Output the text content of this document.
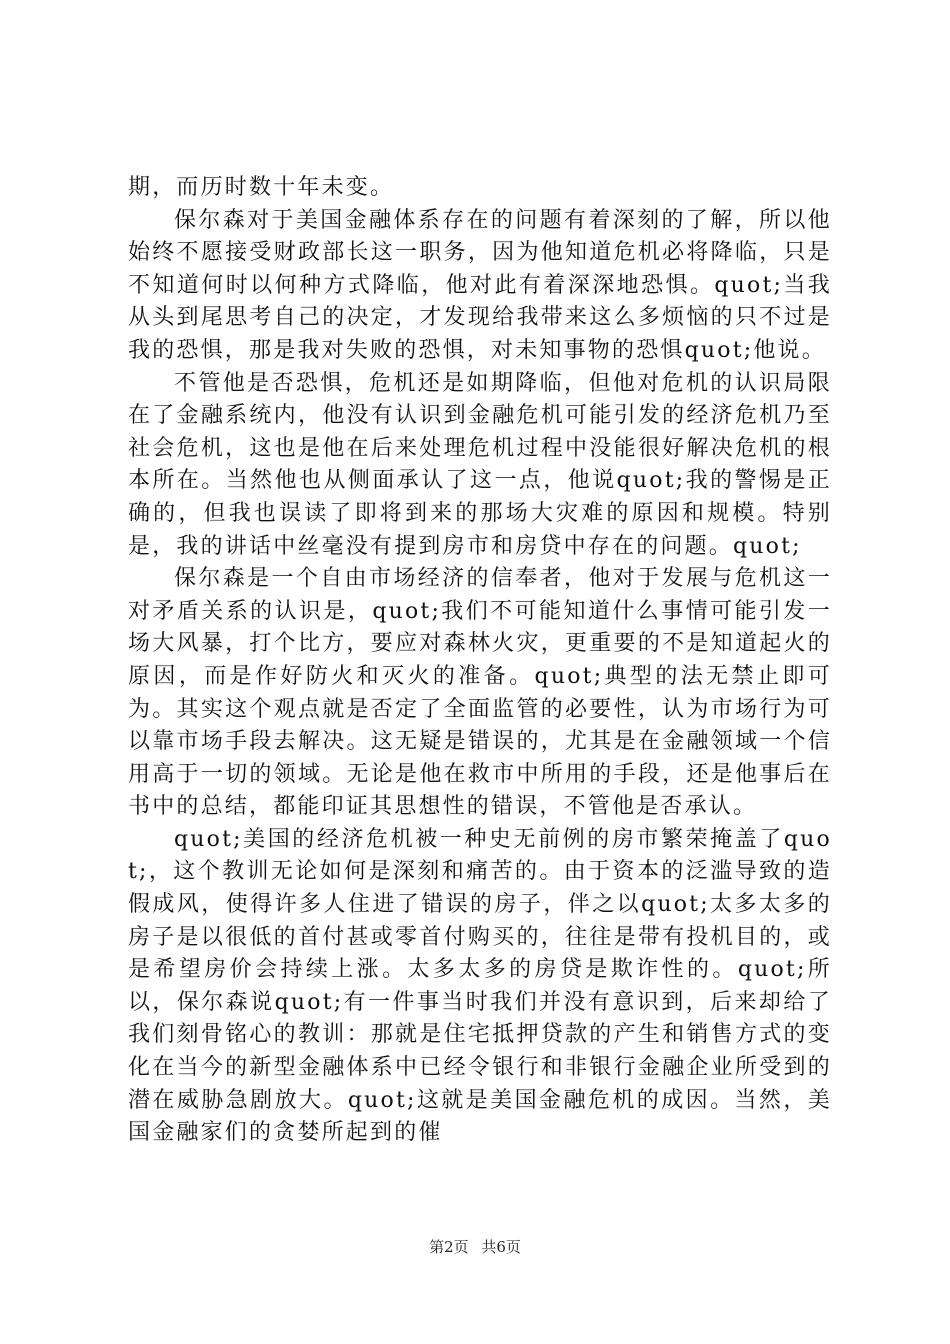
期，而历时数十年未变。

保尔森对于美国金融体系存在的问题有着深刻的了解，所以他始终不愿接受财政部长这一职务，因为他知道危机必将降临，只是不知道何时以何种方式降临，他对此有着深深地恐惧。quot;当我从头到尾思考自己的决定，才发现给我带来这么多烦恼的只不过是我的恐惧，那是我对失败的恐惧，对未知事物的恐惧quot;他说。

不管他是否恐惧，危机还是如期降临，但他对危机的认识局限在了金融系统内，他没有认识到金融危机可能引发的经济危机乃至社会危机，这也是他在后来处理危机过程中没能很好解决危机的根本所在。当然他也从侧面承认了这一点，他说quot;我的警惕是正确的，但我也误读了即将到来的那场大灾难的原因和规模。特别是，我的讲话中丝毫没有提到房市和房贷中存在的问题。quot;

保尔森是一个自由市场经济的信奉者，他对于发展与危机这一对矛盾关系的认识是，quot;我们不可能知道什么事情可能引发一场大风暴，打个比方，要应对森林火灾，更重要的不是知道起火的原因，而是作好防火和灭火的准备。quot;典型的法无禁止即可为。其实这个观点就是否定了全面监管的必要性，认为市场行为可以靠市场手段去解决。这无疑是错误的，尤其是在金融领域一个信用高于一切的领域。无论是他在救市中所用的手段，还是他事后在书中的总结，都能印证其思想性的错误，不管他是否承认。

quot;美国的经济危机被一种史无前例的房市繁荣掩盖了quot;，这个教训无论如何是深刻和痛苦的。由于资本的泛滥导致的造假成风，使得许多人住进了错误的房子，伴之以quot;太多太多的房子是以很低的首付甚或零首付购买的，往往是带有投机目的，或是希望房价会持续上涨。太多太多的房贷是欺诈性的。quot;所以，保尔森说quot;有一件事当时我们并没有意识到，后来却给了我们刻骨铭心的教训：那就是住宅抵押贷款的产生和销售方式的变化在当今的新型金融体系中已经令银行和非银行金融企业所受到的潜在威胁急剧放大。quot;这就是美国金融危机的成因。当然，美国金融家们的贪婪所起到的催

第2页 共6页
